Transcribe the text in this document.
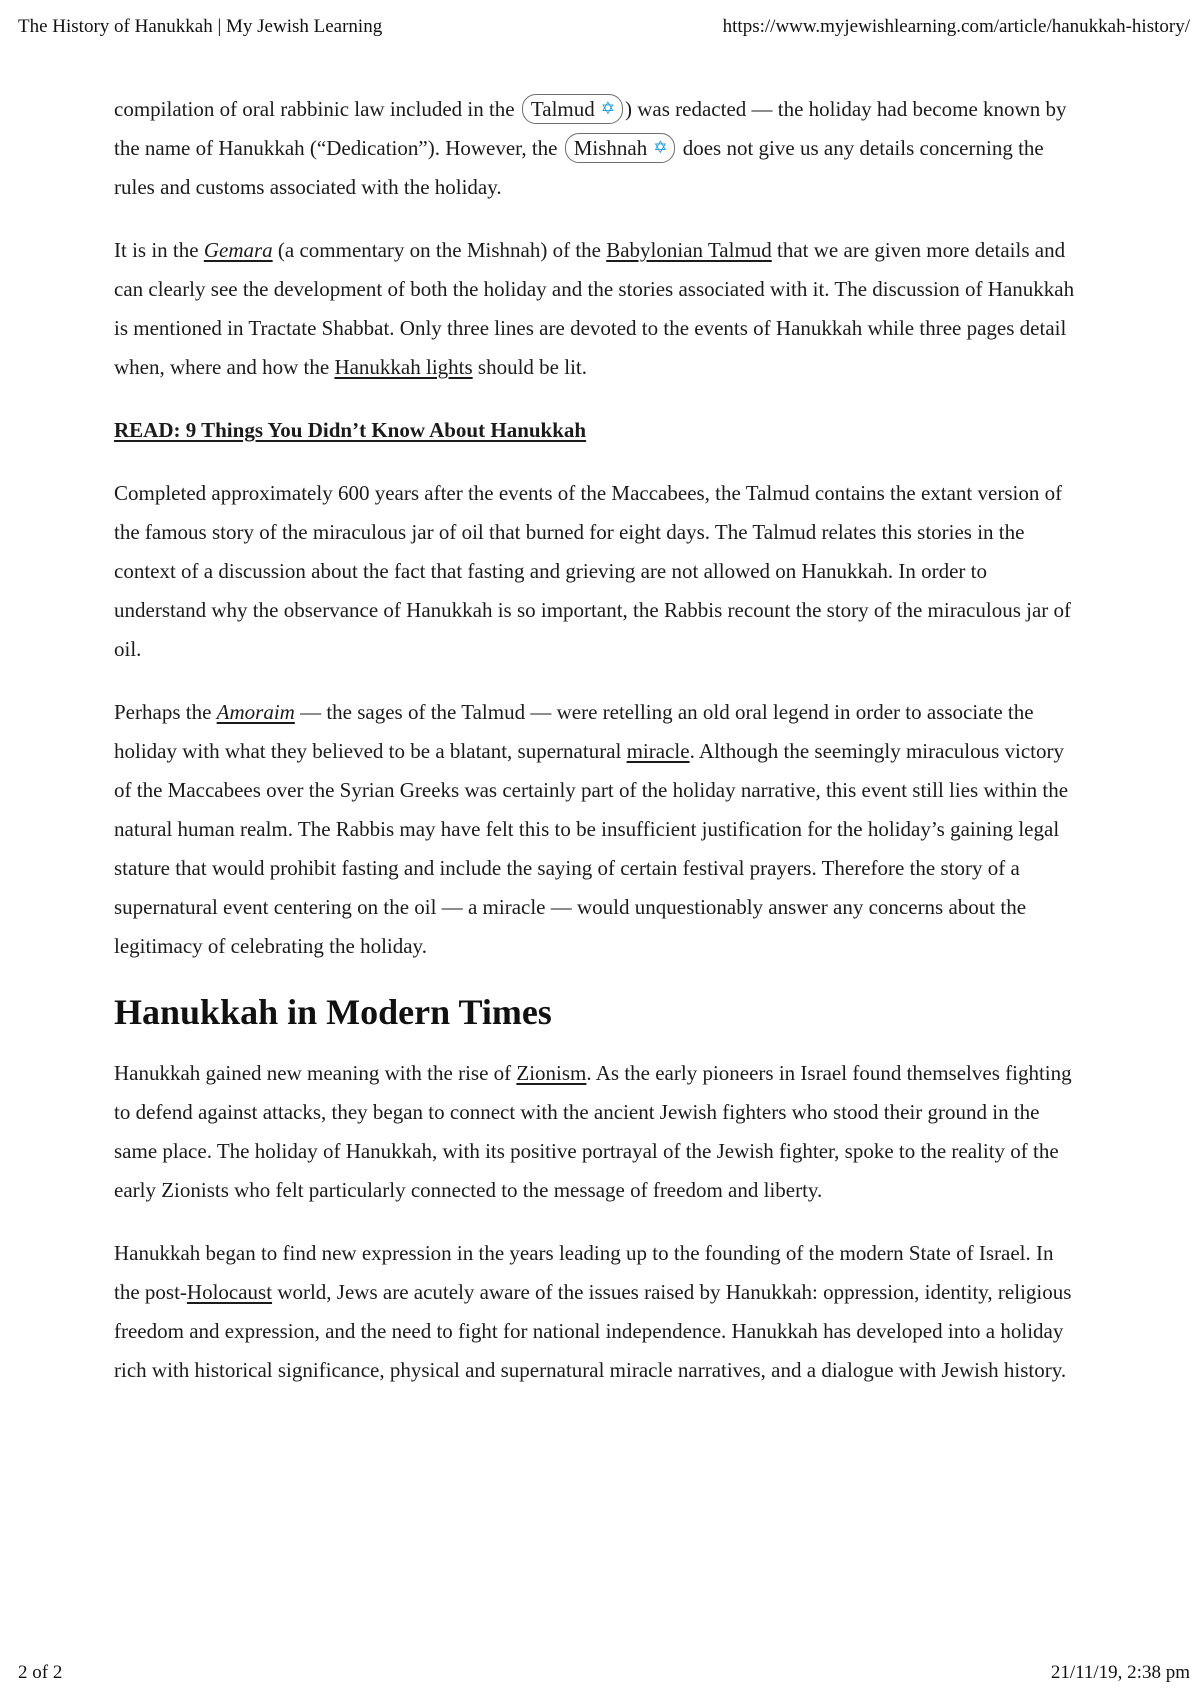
The History of Hanukkah | My Jewish Learning	https://www.myjewishlearning.com/article/hanukkah-history/

compilation of oral rabbinic law included in the Talmud ✡ ) was redacted — the holiday had become known by the name of Hanukkah (“Dedication”). However, the Mishnah ✡ does not give us any details concerning the rules and customs associated with the holiday.

It is in the Gemara (a commentary on the Mishnah) of the Babylonian Talmud that we are given more details and can clearly see the development of both the holiday and the stories associated with it. The discussion of Hanukkah is mentioned in Tractate Shabbat. Only three lines are devoted to the events of Hanukkah while three pages detail when, where and how the Hanukkah lights should be lit.

READ: 9 Things You Didn’t Know About Hanukkah

Completed approximately 600 years after the events of the Maccabees, the Talmud contains the extant version of the famous story of the miraculous jar of oil that burned for eight days. The Talmud relates this stories in the context of a discussion about the fact that fasting and grieving are not allowed on Hanukkah. In order to understand why the observance of Hanukkah is so important, the Rabbis recount the story of the miraculous jar of oil.

Perhaps the Amoraim — the sages of the Talmud — were retelling an old oral legend in order to associate the holiday with what they believed to be a blatant, supernatural miracle. Although the seemingly miraculous victory of the Maccabees over the Syrian Greeks was certainly part of the holiday narrative, this event still lies within the natural human realm. The Rabbis may have felt this to be insufficient justification for the holiday’s gaining legal stature that would prohibit fasting and include the saying of certain festival prayers. Therefore the story of a supernatural event centering on the oil — a miracle — would unquestionably answer any concerns about the legitimacy of celebrating the holiday.

Hanukkah in Modern Times

Hanukkah gained new meaning with the rise of Zionism. As the early pioneers in Israel found themselves fighting to defend against attacks, they began to connect with the ancient Jewish fighters who stood their ground in the same place. The holiday of Hanukkah, with its positive portrayal of the Jewish fighter, spoke to the reality of the early Zionists who felt particularly connected to the message of freedom and liberty.

Hanukkah began to find new expression in the years leading up to the founding of the modern State of Israel. In the post-Holocaust world, Jews are acutely aware of the issues raised by Hanukkah: oppression, identity, religious freedom and expression, and the need to fight for national independence. Hanukkah has developed into a holiday rich with historical significance, physical and supernatural miracle narratives, and a dialogue with Jewish history.

2 of 2	21/11/19, 2:38 pm
